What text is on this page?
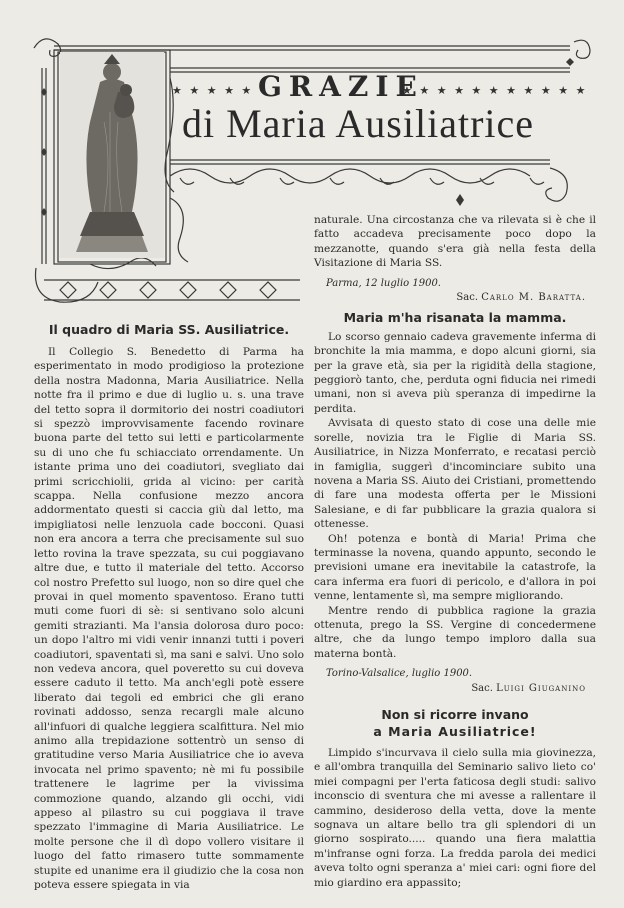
★ ★ ★ ★ ★	★ ★ ★ ★ ★ ★ ★ ★ ★ ★ ★
GRAZIE
di Maria Ausiliatrice
Il quadro di Maria SS. Ausiliatrice.

Il Collegio S. Benedetto di Parma ha esperimentato in modo prodigioso la protezione della nostra Madonna, Maria Ausiliatrice. Nella notte fra il primo e due di luglio u. s. una trave del tetto sopra il dormitorio dei nostri coadiutori si spezzò improvvisamente facendo rovinare buona parte del tetto sui letti e particolarmente su di uno che fu schiacciato orrendamente. Un istante prima uno dei coadiutori, svegliato dai primi scricchiolii, grida al vicino: per carità scappa. Nella confusione mezzo ancora addormentato questi si caccia giù dal letto, ma impigliatosi nelle lenzuola cade bocconi. Quasi non era ancora a terra che precisamente sul suo letto rovina la trave spezzata, su cui poggiavano altre due, e tutto il materiale del tetto. Accorso col nostro Prefetto sul luogo, non so dire quel che provai in quel momento spaventoso. Erano tutti muti come fuori di sè: si sentivano solo alcuni gemiti strazianti. Ma l'ansia dolorosa duro poco: un dopo l'altro mi vidi venir innanzi tutti i poveri coadiutori, spaventati sì, ma sani e salvi. Uno solo non vedeva ancora, quel poveretto su cui doveva essere caduto il tetto. Ma anch'egli potè essere liberato dai tegoli ed embrici che gli erano rovinati addosso, senza recargli male alcuno all'infuori di qualche leggiera scalfittura. Nel mio animo alla trepidazione sottentrò un senso di gratitudine verso Maria Ausiliatrice che io aveva invocata nel primo spavento; nè mi fu possibile trattenere le lagrime per la vivissima commozione quando, alzando gli occhi, vidi appeso al pilastro su cui poggiava il trave spezzato l'immagine di Maria Ausiliatrice. Le molte persone che il dì dopo vollero visitare il luogo del fatto rimasero tutte sommamente stupite ed unanime era il giudizio che la cosa non poteva essere spiegata in via

naturale. Una circostanza che va rilevata si è che il fatto accadeva precisamente poco dopo la mezzanotte, quando s'era già nella festa della Visitazione di Maria SS.

Parma, 12 luglio 1900.
Sac. Carlo M. Baratta.
Maria m'ha risanata la mamma.

Lo scorso gennaio cadeva gravemente inferma di bronchite la mia mamma, e dopo alcuni giorni, sia per la grave età, sia per la rigidità della stagione, peggiorò tanto, che, perduta ogni fiducia nei rimedi umani, non si aveva più speranza di impedirne la perdita.

Avvisata di questo stato di cose una delle mie sorelle, novizia tra le Figlie di Maria SS. Ausiliatrice, in Nizza Monferrato, e recatasi perciò in famiglia, suggerì d'incominciare subito una novena a Maria SS. Aiuto dei Cristiani, promettendo di fare una modesta offerta per le Missioni Salesiane, e di far pubblicare la grazia qualora si ottenesse.

Oh! potenza e bontà di Maria! Prima che terminasse la novena, quando appunto, secondo le previsioni umane era inevitabile la catastrofe, la cara inferma era fuori di pericolo, e d'allora in poi venne, lentamente sì, ma sempre migliorando.

Mentre rendo di pubblica ragione la grazia ottenuta, prego la SS. Vergine di concedermene altre, che da lungo tempo imploro dalla sua materna bontà.

Torino-Valsalice, luglio 1900.
Sac. Luigi Giuganino
Non si ricorre invano
a Maria Ausiliatrice!

Limpido s'incurvava il cielo sulla mia giovinezza, e all'ombra tranquilla del Seminario salivo lieto co' miei compagni per l'erta faticosa degli studi: salivo inconscio di sventura che mi avesse a rallentare il cammino, desideroso della vetta, dove la mente sognava un altare bello tra gli splendori di un giorno sospirato..... quando una fiera malattia m'infranse ogni forza. La fredda parola dei medici aveva tolto ogni speranza a' miei cari: ogni fiore del mio giardino era appassito;
